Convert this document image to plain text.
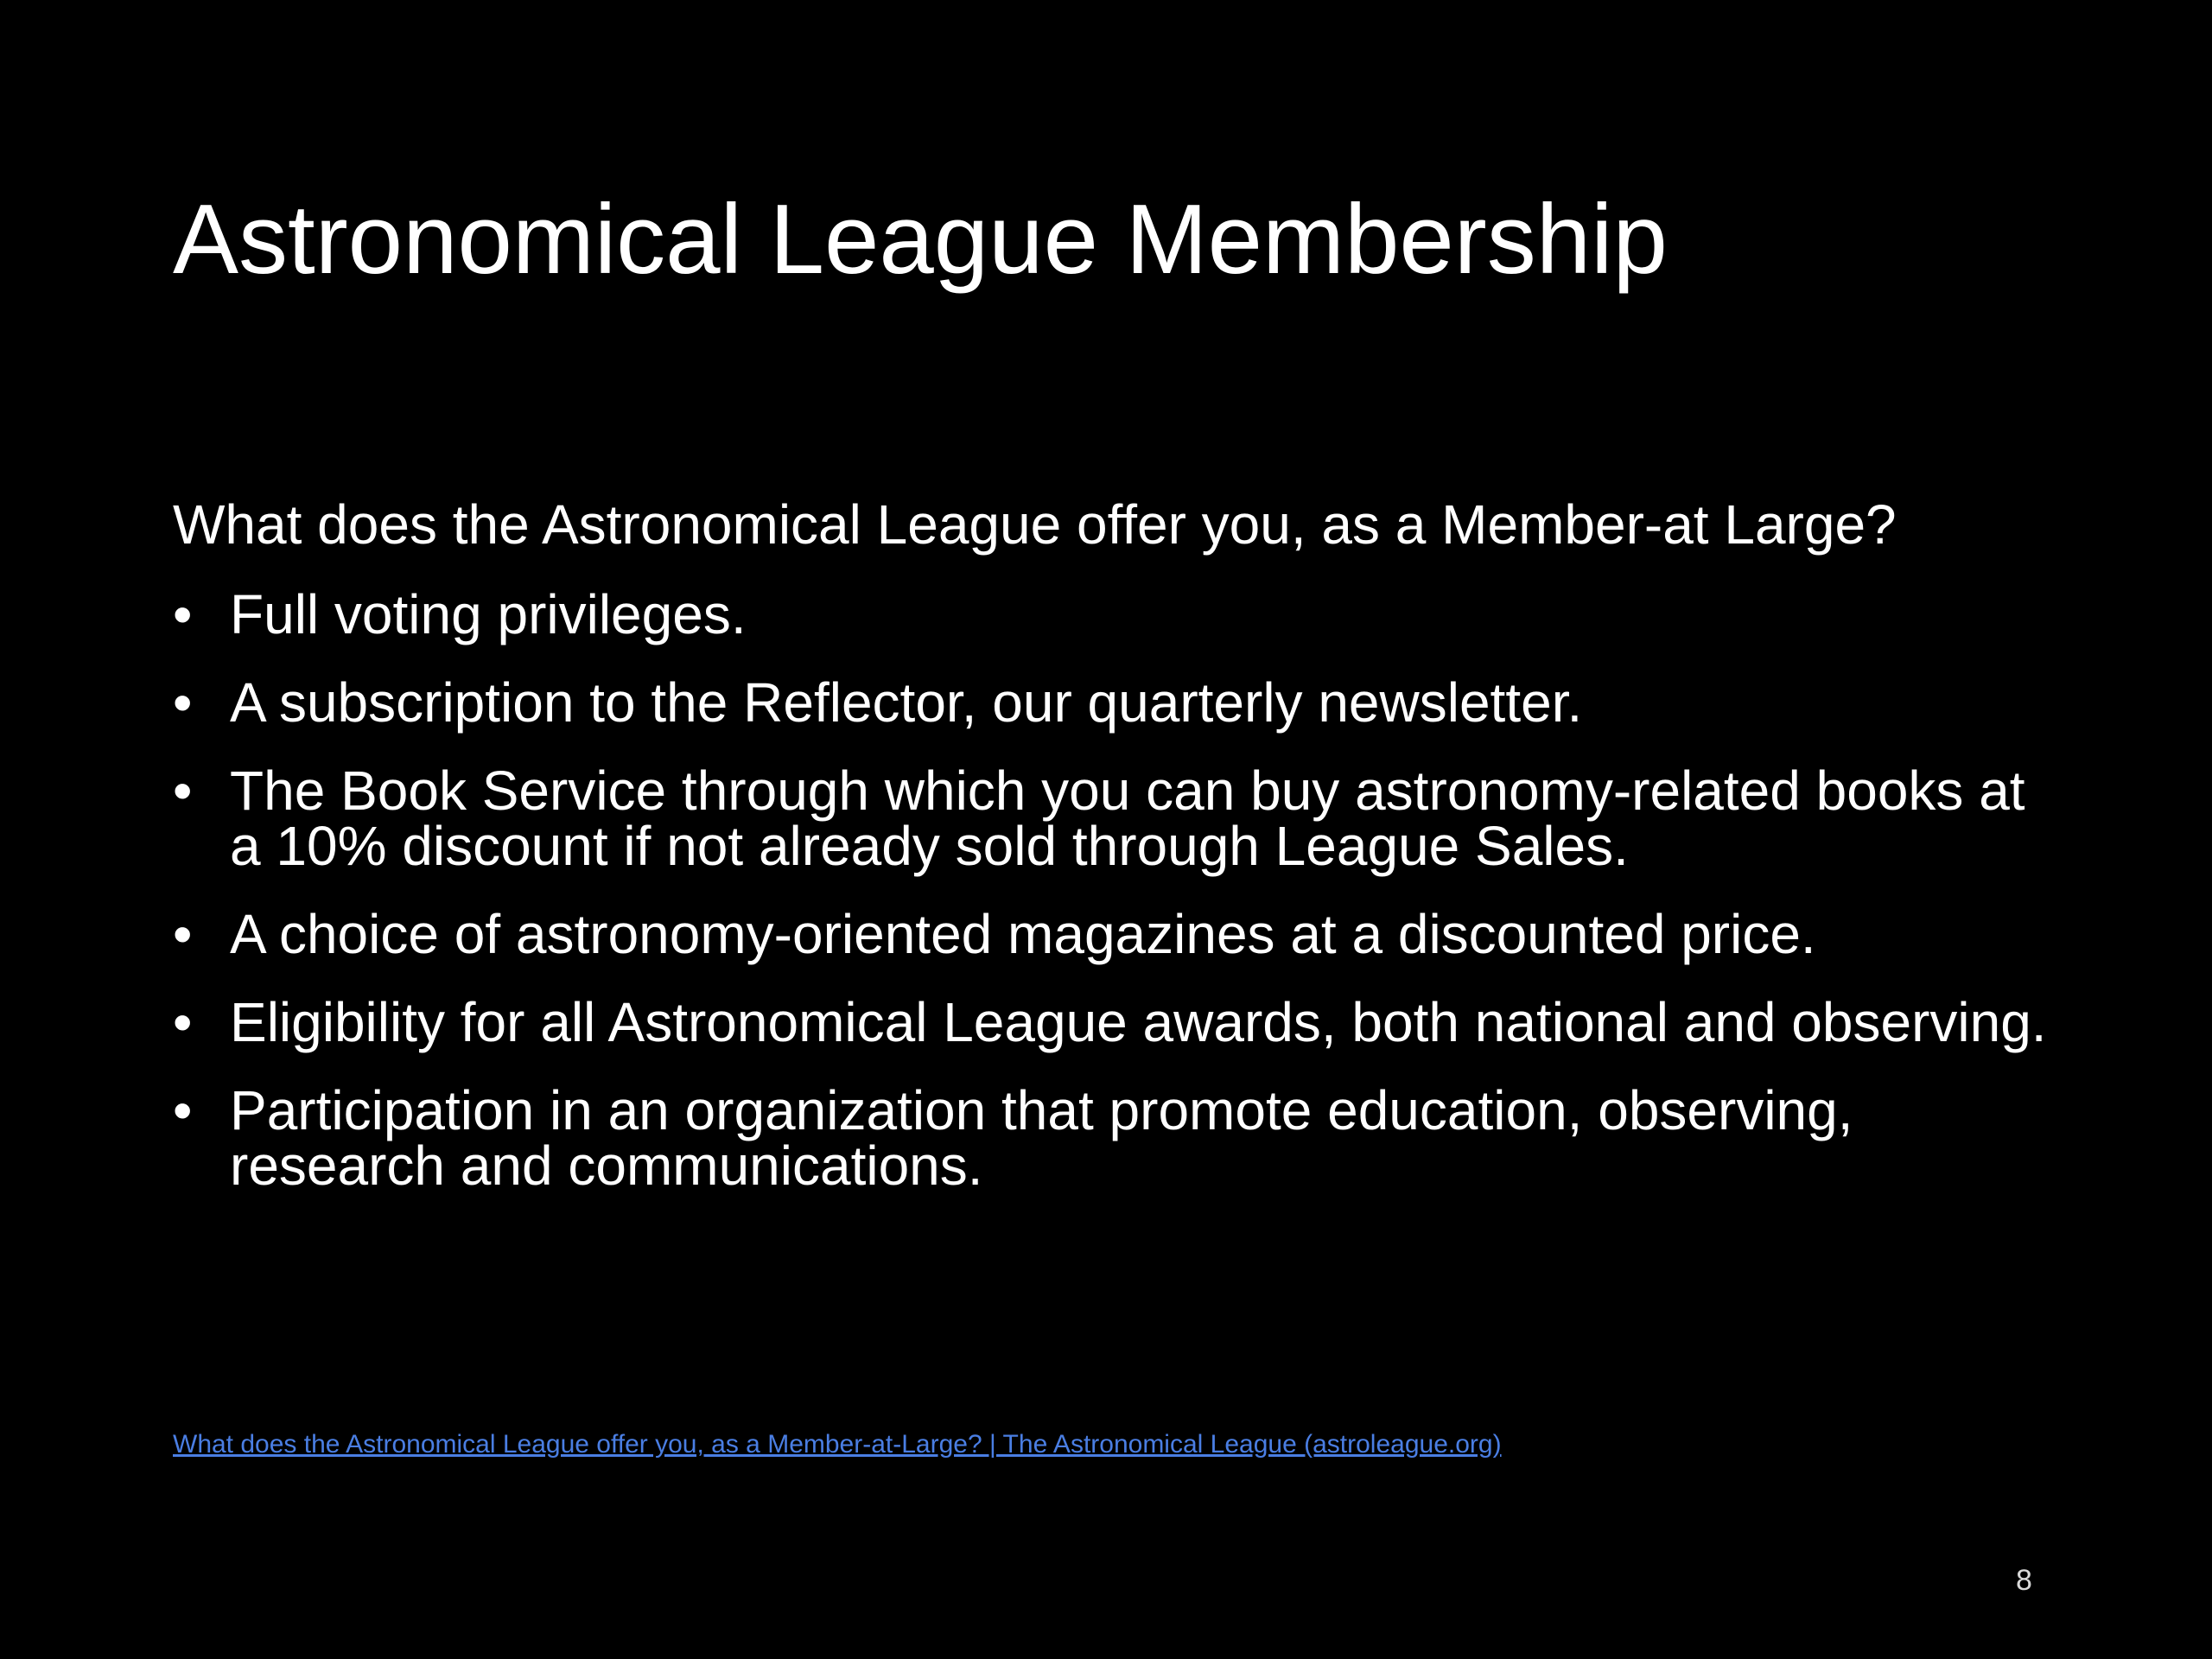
Astronomical League Membership

What does the Astronomical League offer you, as a Member-at Large?

• Full voting privileges.
• A subscription to the Reflector, our quarterly newsletter.
• The Book Service through which you can buy astronomy-related books at a 10% discount if not already sold through League Sales.
• A choice of astronomy-oriented magazines at a discounted price.
• Eligibility for all Astronomical League awards, both national and observing.
• Participation in an organization that promote education, observing, research and communications.
What does the Astronomical League offer you, as a Member-at-Large? | The Astronomical League (astroleague.org)
8
